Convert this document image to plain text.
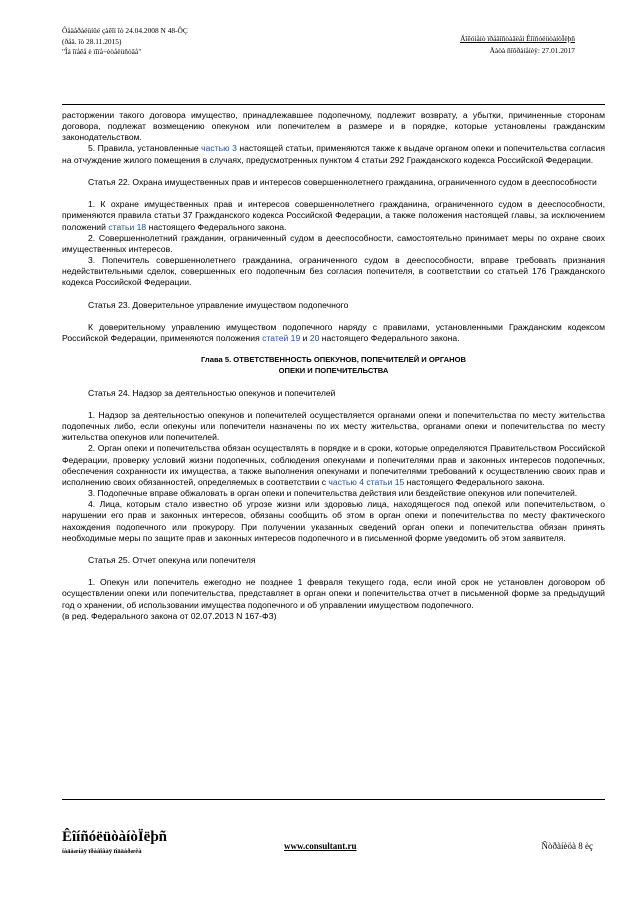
Ôåäåðàëüíûé çàêîí îò 24.04.2008 N 48-ÔÇ
(ðåä. îò 28.11.2015)
"Îá îïåêå è ïîïå÷èòåëüñòâå"
Äîêóìåíò ïðåäîñòàâëåí ÊîíñóëüòàíòÏëþñ
Äàòà ñîõðàíåíèÿ: 27.01.2017

расторжении такого договора имущество, принадлежавшее подопечному, подлежит возврату, а убытки, причиненные сторонам договора, подлежат возмещению опекуном или попечителем в размере и в порядке, которые установлены гражданским законодательством.

5. Правила, установленные частью 3 настоящей статьи, применяются также к выдаче органом опеки и попечительства согласия на отчуждение жилого помещения в случаях, предусмотренных пунктом 4 статьи 292 Гражданского кодекса Российской Федерации.

Статья 22. Охрана имущественных прав и интересов совершеннолетнего гражданина, ограниченного судом в дееспособности

1. К охране имущественных прав и интересов совершеннолетнего гражданина, ограниченного судом в дееспособности, применяются правила статьи 37 Гражданского кодекса Российской Федерации, а также положения настоящей главы, за исключением положений статьи 18 настоящего Федерального закона.

2. Совершеннолетний гражданин, ограниченный судом в дееспособности, самостоятельно принимает меры по охране своих имущественных интересов.

3. Попечитель совершеннолетнего гражданина, ограниченного судом в дееспособности, вправе требовать признания недействительными сделок, совершенных его подопечным без согласия попечителя, в соответствии со статьей 176 Гражданского кодекса Российской Федерации.

Статья 23. Доверительное управление имуществом подопечного

К доверительному управлению имуществом подопечного наряду с правилами, установленными Гражданским кодексом Российской Федерации, применяются положения статей 19 и 20 настоящего Федерального закона.

Глава 5. ОТВЕТСТВЕННОСТЬ ОПЕКУНОВ, ПОПЕЧИТЕЛЕЙ И ОРГАНОВ

ОПЕКИ И ПОПЕЧИТЕЛЬСТВА

Статья 24. Надзор за деятельностью опекунов и попечителей

1. Надзор за деятельностью опекунов и попечителей осуществляется органами опеки и попечительства по месту жительства подопечных либо, если опекуны или попечители назначены по их месту жительства, органами опеки и попечительства по месту жительства опекунов или попечителей.

2. Орган опеки и попечительства обязан осуществлять в порядке и в сроки, которые определяются Правительством Российской Федерации, проверку условий жизни подопечных, соблюдения опекунами и попечителями прав и законных интересов подопечных, обеспечения сохранности их имущества, а также выполнения опекунами и попечителями требований к осуществлению своих прав и исполнению своих обязанностей, определяемых в соответствии с частью 4 статьи 15 настоящего Федерального закона.

3. Подопечные вправе обжаловать в орган опеки и попечительства действия или бездействие опекунов или попечителей.

4. Лица, которым стало известно об угрозе жизни или здоровью лица, находящегося под опекой или попечительством, о нарушении его прав и законных интересов, обязаны сообщить об этом в орган опеки и попечительства по месту фактического нахождения подопечного или прокурору. При получении указанных сведений орган опеки и попечительства обязан принять необходимые меры по защите прав и законных интересов подопечного и в письменной форме уведомить об этом заявителя.

Статья 25. Отчет опекуна или попечителя

1. Опекун или попечитель ежегодно не позднее 1 февраля текущего года, если иной срок не установлен договором об осуществлении опеки или попечительства, представляет в орган опеки и попечительства отчет в письменной форме за предыдущий год о хранении, об использовании имущества подопечного и об управлении имуществом подопечного.

(в ред. Федерального закона от 02.07.2013 N 167-ФЗ)

ÊîíñóëüòàíòÏëþñ
íàäåæíàÿ ïðàâîâàÿ ïîääåðæêà
www.consultant.ru	Ñòðàíèöà 8 èç
